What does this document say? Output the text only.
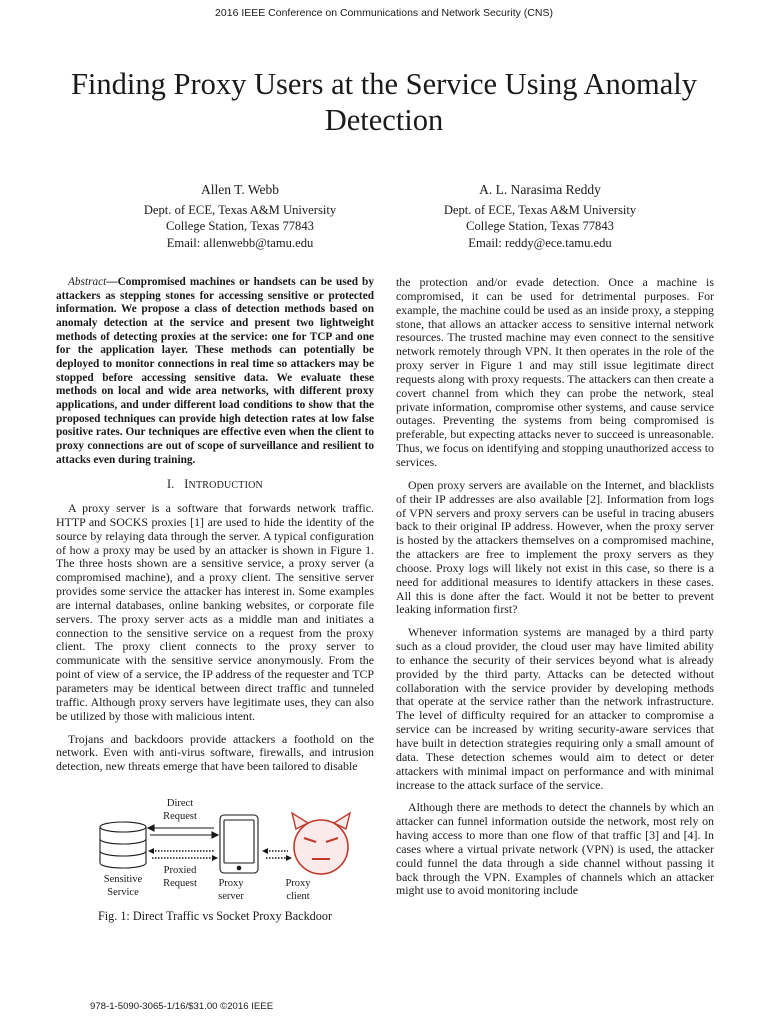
2016 IEEE Conference on Communications and Network Security (CNS)
Finding Proxy Users at the Service Using Anomaly Detection
Allen T. Webb
Dept. of ECE, Texas A&M University
College Station, Texas 77843
Email: allenwebb@tamu.edu
A. L. Narasima Reddy
Dept. of ECE, Texas A&M University
College Station, Texas 77843
Email: reddy@ece.tamu.edu

Abstract—Compromised machines or handsets can be used by attackers as stepping stones for accessing sensitive or protected information. We propose a class of detection methods based on anomaly detection at the service and present two lightweight methods of detecting proxies at the service: one for TCP and one for the application layer. These methods can potentially be deployed to monitor connections in real time so attackers may be stopped before accessing sensitive data. We evaluate these methods on local and wide area networks, with different proxy applications, and under different load conditions to show that the proposed techniques can provide high detection rates at low false positive rates. Our techniques are effective even when the client to proxy connections are out of scope of surveillance and resilient to attacks even during training.

I. INTRODUCTION

A proxy server is a software that forwards network traffic. HTTP and SOCKS proxies [1] are used to hide the identity of the source by relaying data through the server. A typical configuration of how a proxy may be used by an attacker is shown in Figure 1. The three hosts shown are a sensitive service, a proxy server (a compromised machine), and a proxy client. The sensitive server provides some service the attacker has interest in. Some examples are internal databases, online banking websites, or corporate file servers. The proxy server acts as a middle man and initiates a connection to the sensitive service on a request from the proxy client. The proxy client connects to the proxy server to communicate with the sensitive service anonymously. From the point of view of a service, the IP address of the requester and TCP parameters may be identical between direct traffic and tunneled traffic. Although proxy servers have legitimate uses, they can also be utilized by those with malicious intent.

Trojans and backdoors provide attackers a foothold on the network. Even with anti-virus software, firewalls, and intrusion detection, new threats emerge that have been tailored to disable

Direct
Request
Sensitive
Service
Proxied
Request Proxy
server
Proxy
client
Fig. 1: Direct Traffic vs Socket Proxy Backdoor

the protection and/or evade detection. Once a machine is compromised, it can be used for detrimental purposes. For example, the machine could be used as an inside proxy, a stepping stone, that allows an attacker access to sensitive internal network resources. The trusted machine may even connect to the sensitive network remotely through VPN. It then operates in the role of the proxy server in Figure 1 and may still issue legitimate direct requests along with proxy requests. The attackers can then create a covert channel from which they can probe the network, steal private information, compromise other systems, and cause service outages. Preventing the systems from being compromised is preferable, but expecting attacks never to succeed is unreasonable. Thus, we focus on identifying and stopping unauthorized access to services.

Open proxy servers are available on the Internet, and blacklists of their IP addresses are also available [2]. Information from logs of VPN servers and proxy servers can be useful in tracing abusers back to their original IP address. However, when the proxy server is hosted by the attackers themselves on a compromised machine, the attackers are free to implement the proxy servers as they choose. Proxy logs will likely not exist in this case, so there is a need for additional measures to identify attackers in these cases. All this is done after the fact. Would it not be better to prevent leaking information first?

Whenever information systems are managed by a third party such as a cloud provider, the cloud user may have limited ability to enhance the security of their services beyond what is already provided by the third party. Attacks can be detected without collaboration with the service provider by developing methods that operate at the service rather than the network infrastructure. The level of difficulty required for an attacker to compromise a service can be increased by writing security-aware services that have built in detection strategies requiring only a small amount of data. These detection schemes would aim to detect or deter attackers with minimal impact on performance and with minimal increase to the attack surface of the service.

Although there are methods to detect the channels by which an attacker can funnel information outside the network, most rely on having access to more than one flow of that traffic [3] and [4]. In cases where a virtual private network (VPN) is used, the attacker could funnel the data through a side channel without passing it back through the VPN. Examples of channels which an attacker might use to avoid monitoring include

978-1-5090-3065-1/16/$31.00 ©2016 IEEE
